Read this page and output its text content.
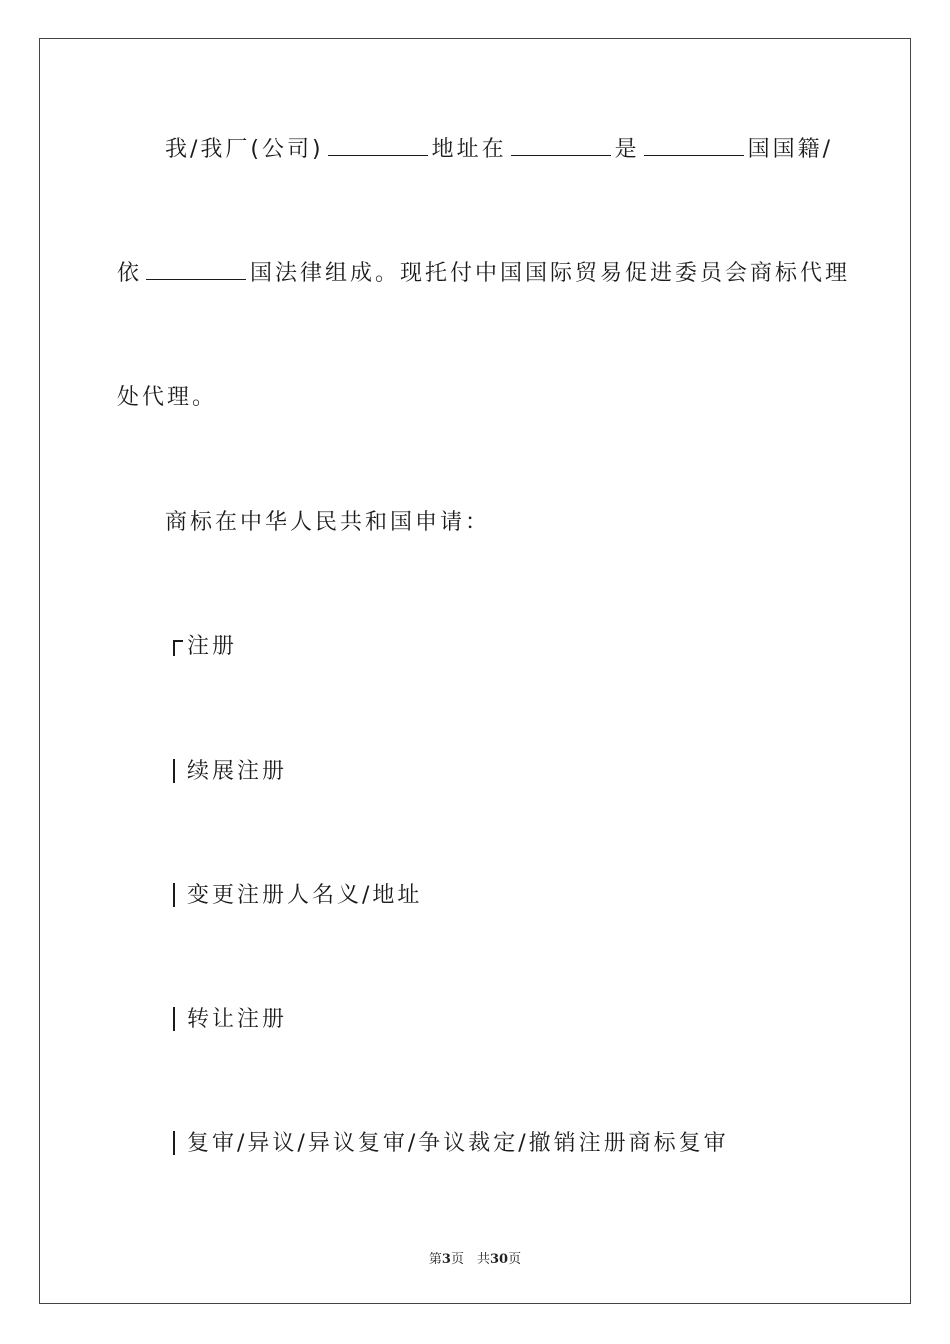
我/我厂(公司)	地址在	是	国国籍/
依	国法律组成。现托付中国国际贸易促进委员会商标代理
处代理。
商标在中华人民共和国申请：
注册
续展注册
变更注册人名义/地址
转让注册
复审/异议/异议复审/争议裁定/撤销注册商标复审
第3页　共30页
